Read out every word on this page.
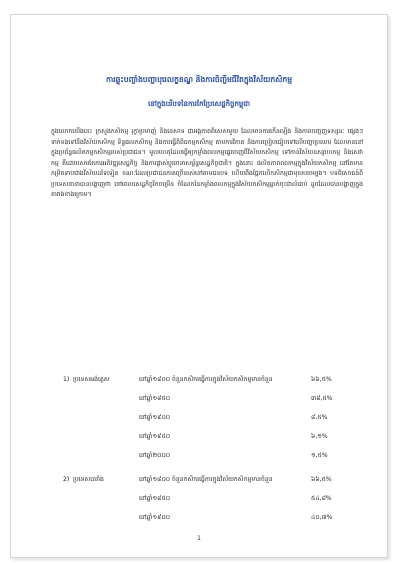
ការឆ្លុះបញ្ចាំងបញ្ហាបុរេលក្ខខណ្ឌ និងការចិញ្ចឹមជីវិតក្នុងវិស័យកសិកម្ម
នៅក្នុងបរិបទនៃការកែប្រែសេដ្ឋកិច្ចកម្ពុជា

ក្នុងលោកយើងនេះ ក្រសួងកសិកម្ម រុក្ខាប្រមាញ់ និងនេសាទ ជាអង្គភាពពិសេសមួយ ដែលមានការកើនឡើង និងការបញ្ចេញទស្សនៈ ផ្សេងៗទាក់ទងទៅនឹងវិស័យកសិកម្ម ទិន្នផលកសិកម្ម និងការធ្វើពិពិធកម្មកសិកម្ម តាមការវិភាគ និងការប្រៀបធៀបទៅលើបញ្ហាប្រឈម ដែលមាននៅក្នុងប្រព័ន្ធផលិតកម្មកសិកម្មរបស់ប្រជាជន។ មូលហេតុដែលធ្វើឲ្យកម្លាំងពលកម្មផ្ទេរចេញពីវិស័យកសិកម្ម ទៅកាន់វិស័យឧស្សាហកម្ម និងសេវាកម្ម គឺដោយសារតែការអភិវឌ្ឍសេដ្ឋកិច្ច និងការផ្លាស់ប្តូររចនាសម្ព័ន្ធសេដ្ឋកិច្ចជាតិ។ ក្នុងនោះ ផលិតភាពពលកម្មក្នុងវិស័យកសិកម្ម នៅតែមានកម្រិតទាបជាងវិស័យដទៃទៀត ខណៈដែលប្រជាជនភាគច្រើនរស់នៅតាមជនបទ ហើយពឹងផ្អែកលើកសិកម្មជាមុខរបរចម្បង។ បទពិសោធន៍ពីប្រទេសនានាបានបង្ហាញថា នៅពេលសេដ្ឋកិច្ចរីកចម្រើន ចំណែកនៃកម្លាំងពលកម្មក្នុងវិស័យកសិកម្មធ្លាក់ចុះជាលំដាប់ ដូចដែលបានបង្ហាញក្នុងតារាងខាងក្រោម។

1) ប្រទេសអង់គ្លេស	នៅឆ្នាំ១៨០០ ចំនួនកសិករធ្វើការក្នុងវិស័យកសិកម្មមានចំនួន	៦៦,៥%
នៅឆ្នាំ១៨៥០	៣៨,៥%
នៅឆ្នាំ១៩០០	៨,៥%
នៅឆ្នាំ១៩៥០	៦,១%
នៅឆ្នាំ២០០០	១,៥%
2) ប្រទេសបារាំង	នៅឆ្នាំ១៨០០ ចំនួនកសិករធ្វើការក្នុងវិស័យកសិកម្មមានចំនួន	៦៦,៥%
នៅឆ្នាំ១៨៥០	៥៤,៨%
នៅឆ្នាំ១៩០០	៤០,៧%
1
